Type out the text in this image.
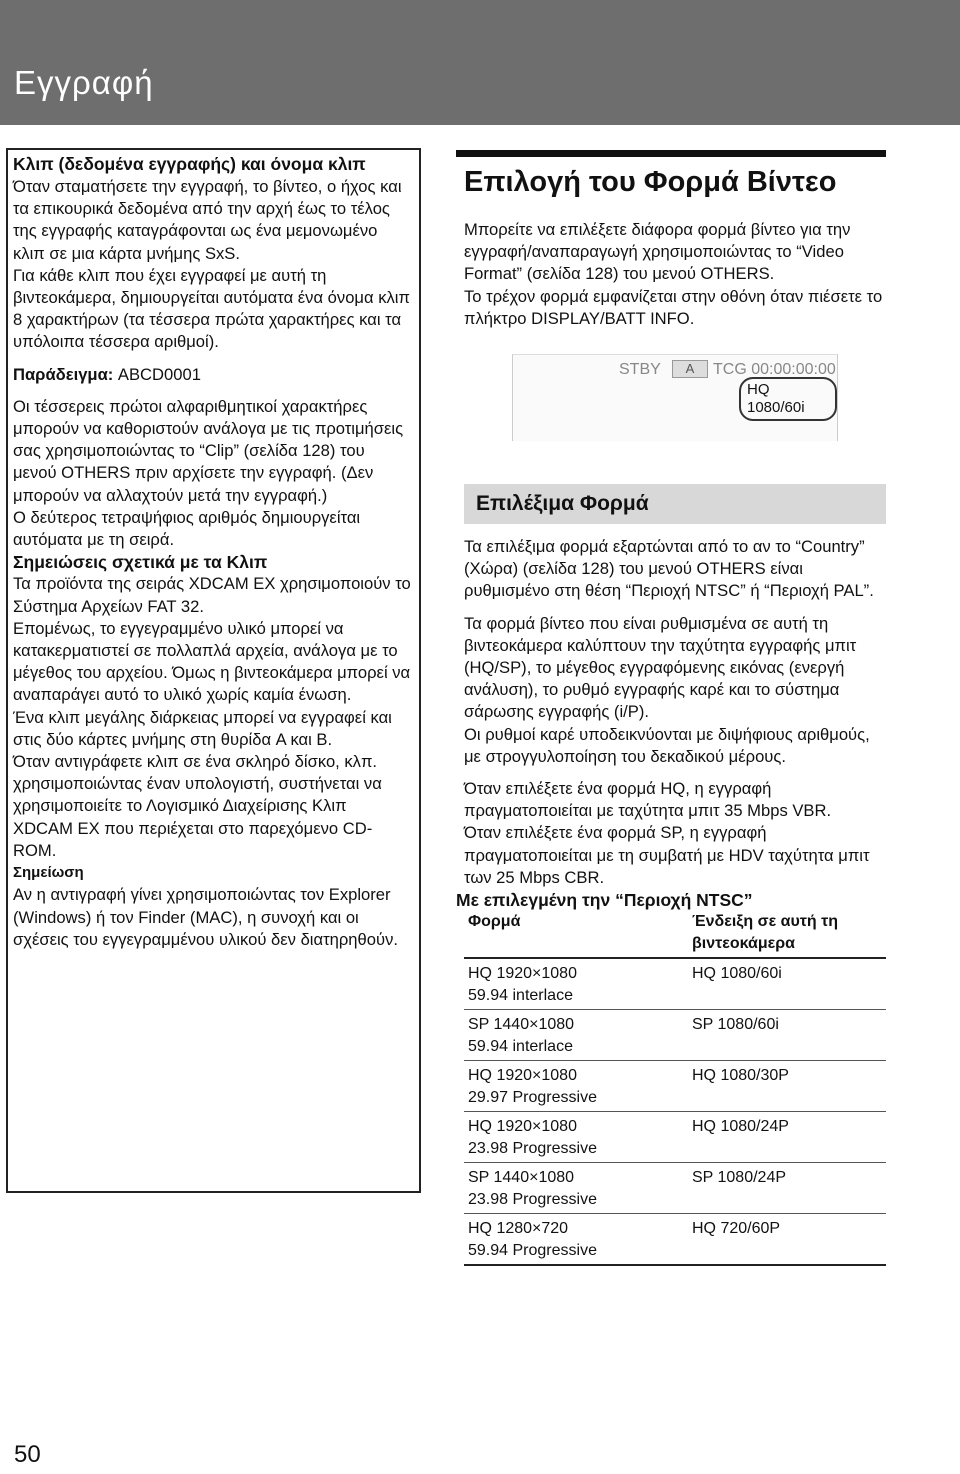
Εγγραφή

Κλιπ (δεδομένα εγγραφής) και όνομα κλιπ

Όταν σταματήσετε την εγγραφή, το βίντεο, ο ήχος και τα επικουρικά δεδομένα από την αρχή έως το τέλος της εγγραφής καταγράφονται ως ένα μεμονωμένο κλιπ σε μια κάρτα μνήμης SxS.

Για κάθε κλιπ που έχει εγγραφεί με αυτή τη βιντεοκάμερα, δημιουργείται αυτόματα ένα όνομα κλιπ 8 χαρακτήρων (τα τέσσερα πρώτα χαρακτήρες και τα υπόλοιπα τέσσερα αριθμοί).

Παράδειγμα: ABCD0001

Οι τέσσερεις πρώτοι αλφαριθμητικοί χαρακτήρες μπορούν να καθοριστούν ανάλογα με τις προτιμήσεις σας χρησιμοποιώντας το “Clip” (σελίδα 128) του μενού OTHERS πριν αρχίσετε την εγγραφή. (Δεν μπορούν να αλλαχτούν μετά την εγγραφή.)

Ο δεύτερος τετραψήφιος αριθμός δημιουργείται αυτόματα με τη σειρά.

Σημειώσεις σχετικά με τα Κλιπ

Τα προϊόντα της σειράς XDCAM EX χρησιμοποιούν το Σύστημα Αρχείων FAT 32.

Επομένως, το εγγεγραμμένο υλικό μπορεί να κατακερματιστεί σε πολλαπλά αρχεία, ανάλογα με το μέγεθος του αρχείου. Όμως η βιντεοκάμερα μπορεί να αναπαράγει αυτό το υλικό χωρίς καμία ένωση.

Ένα κλιπ μεγάλης διάρκειας μπορεί να εγγραφεί και στις δύο κάρτες μνήμης στη θυρίδα A και B.

Όταν αντιγράφετε κλιπ σε ένα σκληρό δίσκο, κλπ. χρησιμοποιώντας έναν υπολογιστή, συστήνεται να χρησιμοποιείτε το Λογισμικό Διαχείρισης Κλιπ XDCAM EX που περιέχεται στο παρεχόμενο CD-ROM.

Σημείωση

Αν η αντιγραφή γίνει χρησιμοποιώντας τον Explorer (Windows) ή τον Finder (MAC), η συνοχή και οι σχέσεις του εγγεγραμμένου υλικού δεν διατηρηθούν.

Επιλογή του Φορμά Βίντεο

Μπορείτε να επιλέξετε διάφορα φορμά βίντεο για την εγγραφή/αναπαραγωγή χρησιμοποιώντας το “Video Format” (σελίδα 128) του μενού OTHERS.

Το τρέχον φορμά εμφανίζεται στην οθόνη όταν πιέσετε το πλήκτρο DISPLAY/BATT INFO.

STBY	A	TCG 00:00:00:00
HQ 1080/60i
Επιλέξιμα Φορμά

Τα επιλέξιμα φορμά εξαρτώνται από το αν το “Country” (Χώρα) (σελίδα 128) του μενού OTHERS είναι ρυθμισμένο στη θέση “Περιοχή NTSC” ή “Περιοχή PAL”.

Τα φορμά βίντεο που είναι ρυθμισμένα σε αυτή τη βιντεοκάμερα καλύπτουν την ταχύτητα εγγραφής μπιτ (HQ/SP), το μέγεθος εγγραφόμενης εικόνας (ενεργή ανάλυση), το ρυθμό εγγραφής καρέ και το σύστημα σάρωσης εγγραφής (i/P).

Οι ρυθμοί καρέ υποδεικνύονται με διψήφιους αριθμούς, με στρογγυλοποίηση του δεκαδικού μέρους.

Όταν επιλέξετε ένα φορμά HQ, η εγγραφή πραγματοποιείται με ταχύτητα μπιτ 35 Mbps VBR.

Όταν επιλέξετε ένα φορμά SP, η εγγραφή πραγματοποιείται με τη συμβατή με HDV ταχύτητα μπιτ των 25 Mbps CBR.

Με επιλεγμένη την “Περιοχή NTSC”

Φορμά	Ένδειξη σε αυτή τη βιντεοκάμερα
HQ 1920×1080
59.94 interlace	HQ 1080/60i
SP 1440×1080
59.94 interlace	SP 1080/60i
HQ 1920×1080
29.97 Progressive	HQ 1080/30P
HQ 1920×1080
23.98 Progressive	HQ 1080/24P
SP 1440×1080
23.98 Progressive	SP 1080/24P
HQ 1280×720
59.94 Progressive	HQ 720/60P
50
